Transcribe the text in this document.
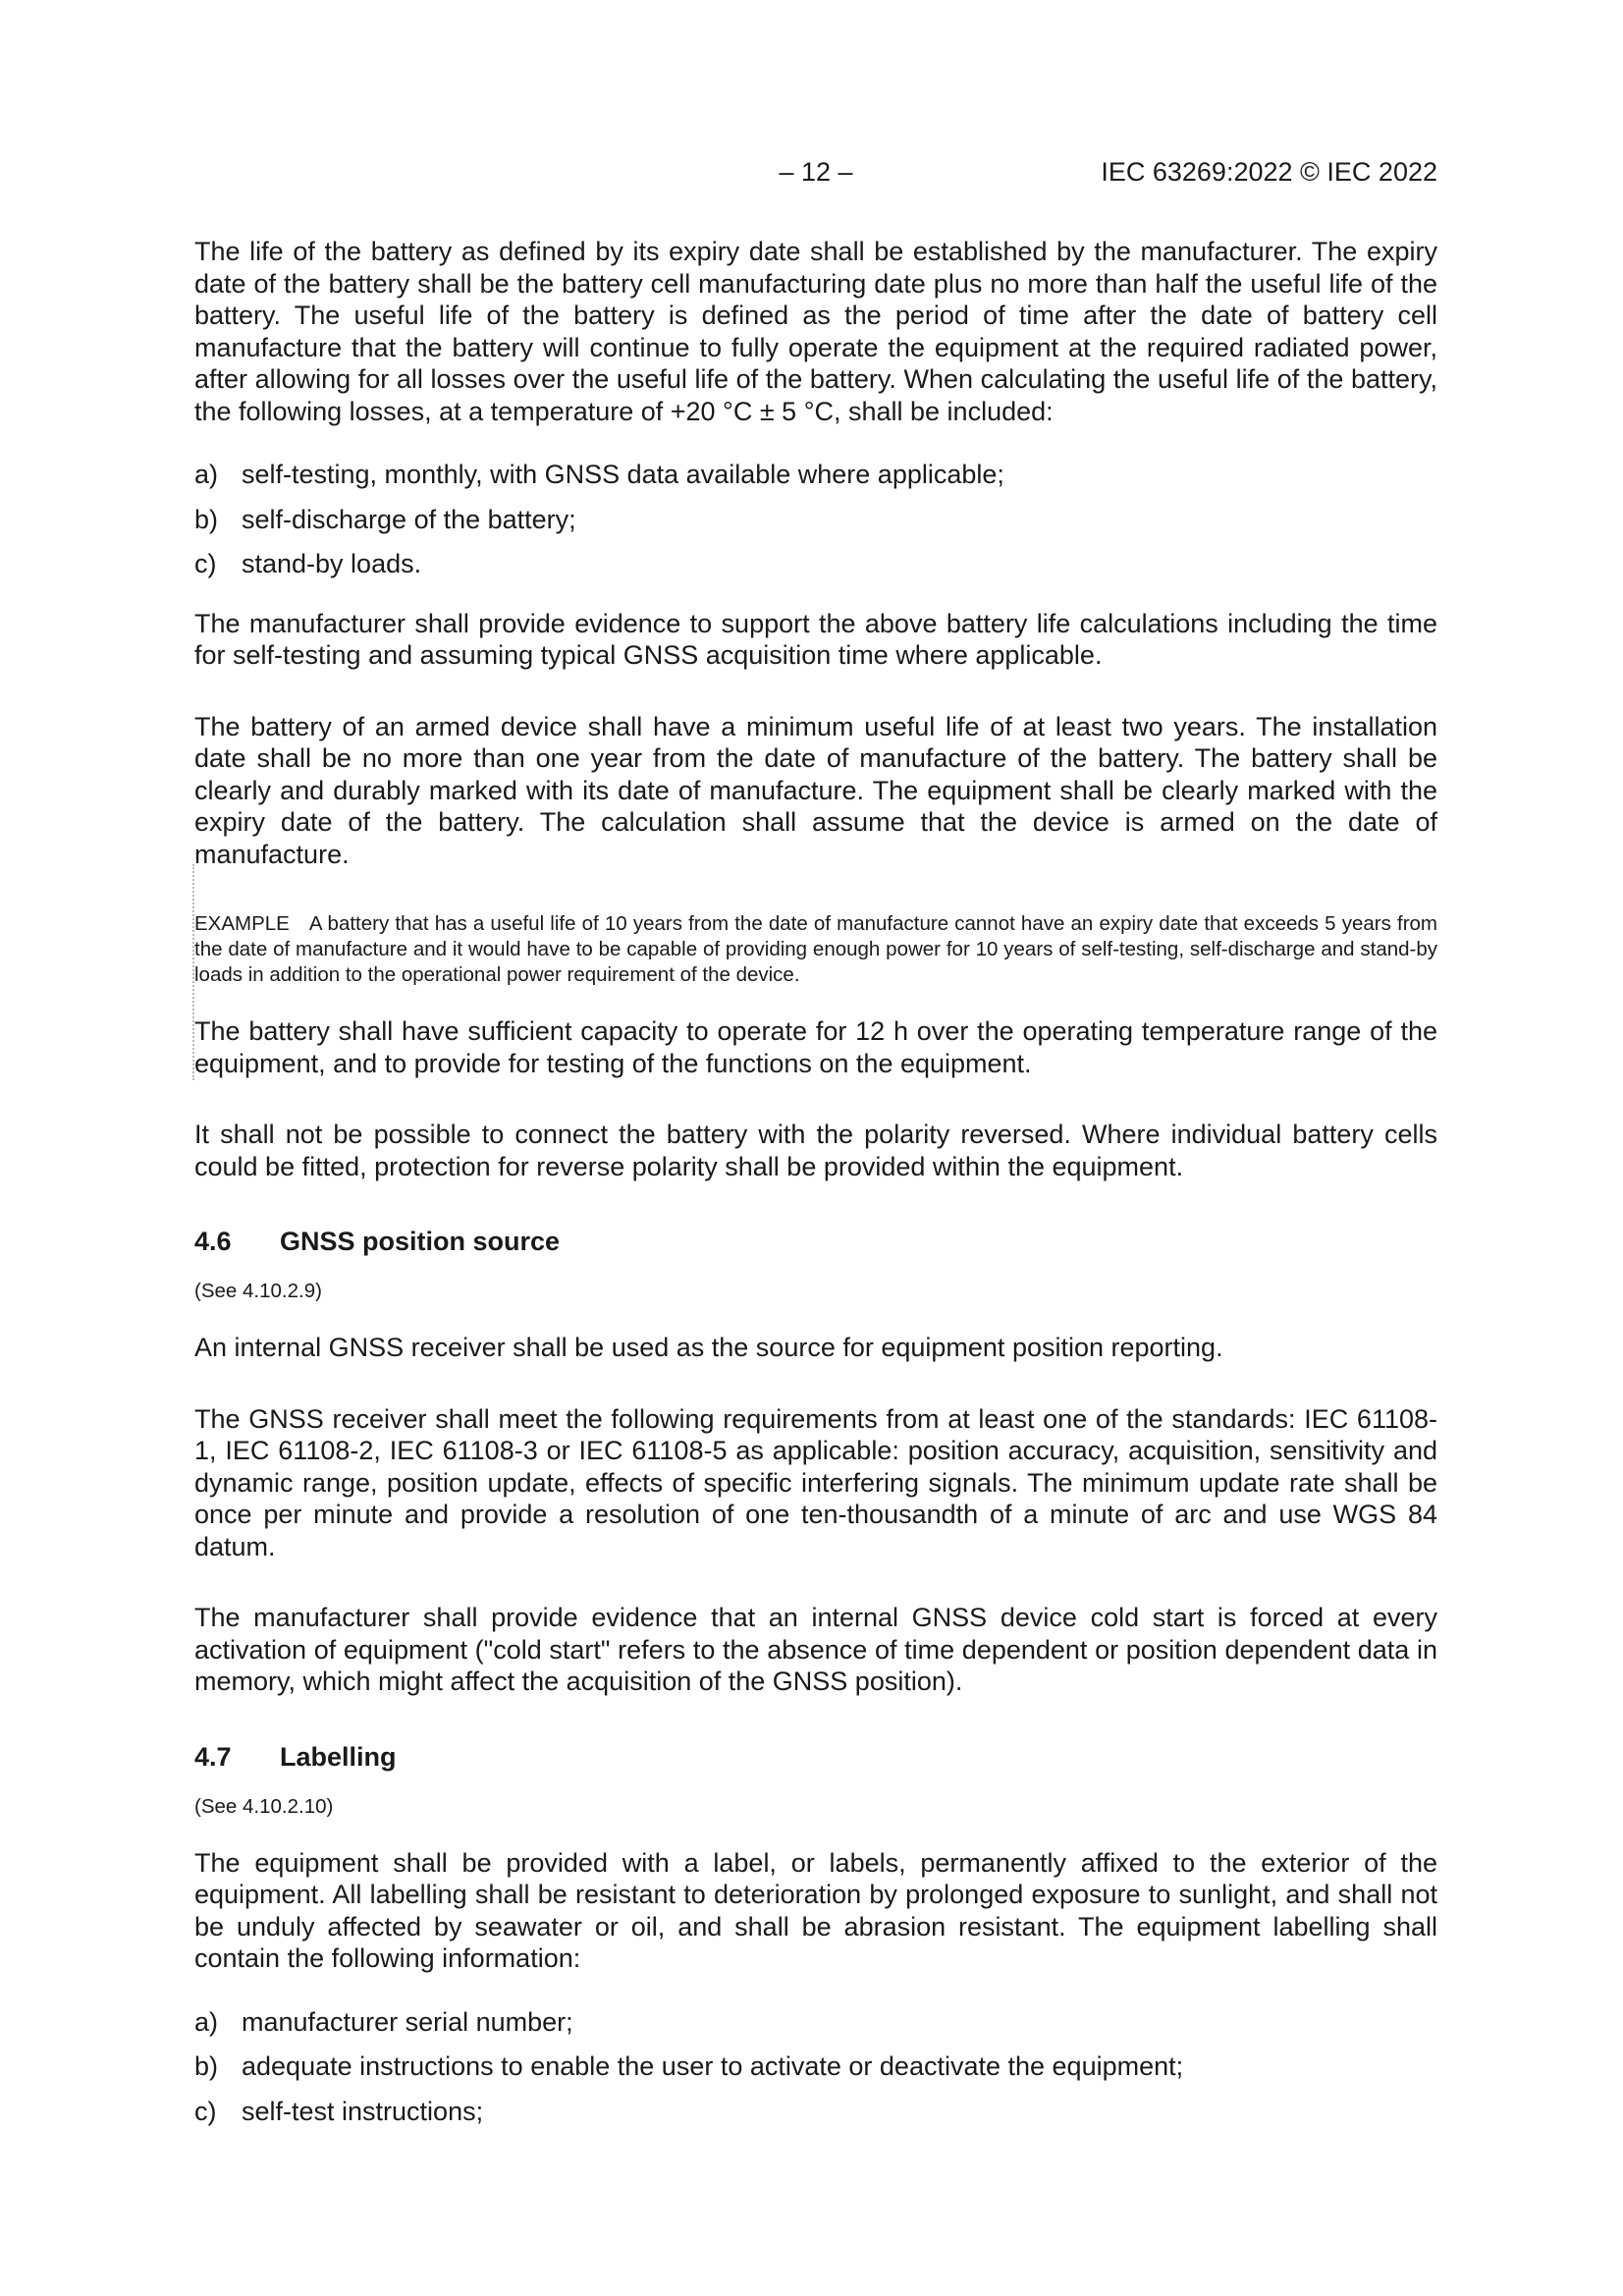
– 12 –	IEC 63269:2022 © IEC 2022

The life of the battery as defined by its expiry date shall be established by the manufacturer. The expiry date of the battery shall be the battery cell manufacturing date plus no more than half the useful life of the battery. The useful life of the battery is defined as the period of time after the date of battery cell manufacture that the battery will continue to fully operate the equipment at the required radiated power, after allowing for all losses over the useful life of the battery. When calculating the useful life of the battery, the following losses, at a temperature of +20 °C ± 5 °C, shall be included:

a) self-testing, monthly, with GNSS data available where applicable;
b) self-discharge of the battery;
c) stand-by loads.

The manufacturer shall provide evidence to support the above battery life calculations including the time for self-testing and assuming typical GNSS acquisition time where applicable.

The battery of an armed device shall have a minimum useful life of at least two years. The installation date shall be no more than one year from the date of manufacture of the battery. The battery shall be clearly and durably marked with its date of manufacture. The equipment shall be clearly marked with the expiry date of the battery. The calculation shall assume that the device is armed on the date of manufacture.

EXAMPLE A battery that has a useful life of 10 years from the date of manufacture cannot have an expiry date that exceeds 5 years from the date of manufacture and it would have to be capable of providing enough power for 10 years of self-testing, self-discharge and stand-by loads in addition to the operational power requirement of the device.

The battery shall have sufficient capacity to operate for 12 h over the operating temperature range of the equipment, and to provide for testing of the functions on the equipment.

It shall not be possible to connect the battery with the polarity reversed. Where individual battery cells could be fitted, protection for reverse polarity shall be provided within the equipment.

4.6 GNSS position source
(See 4.10.2.9)

An internal GNSS receiver shall be used as the source for equipment position reporting.

The GNSS receiver shall meet the following requirements from at least one of the standards: IEC 61108-1, IEC 61108-2, IEC 61108-3 or IEC 61108-5 as applicable: position accuracy, acquisition, sensitivity and dynamic range, position update, effects of specific interfering signals. The minimum update rate shall be once per minute and provide a resolution of one ten-thousandth of a minute of arc and use WGS 84 datum.

The manufacturer shall provide evidence that an internal GNSS device cold start is forced at every activation of equipment ("cold start" refers to the absence of time dependent or position dependent data in memory, which might affect the acquisition of the GNSS position).

4.7 Labelling
(See 4.10.2.10)

The equipment shall be provided with a label, or labels, permanently affixed to the exterior of the equipment. All labelling shall be resistant to deterioration by prolonged exposure to sunlight, and shall not be unduly affected by seawater or oil, and shall be abrasion resistant. The equipment labelling shall contain the following information:

a) manufacturer serial number;
b) adequate instructions to enable the user to activate or deactivate the equipment;
c) self-test instructions;
